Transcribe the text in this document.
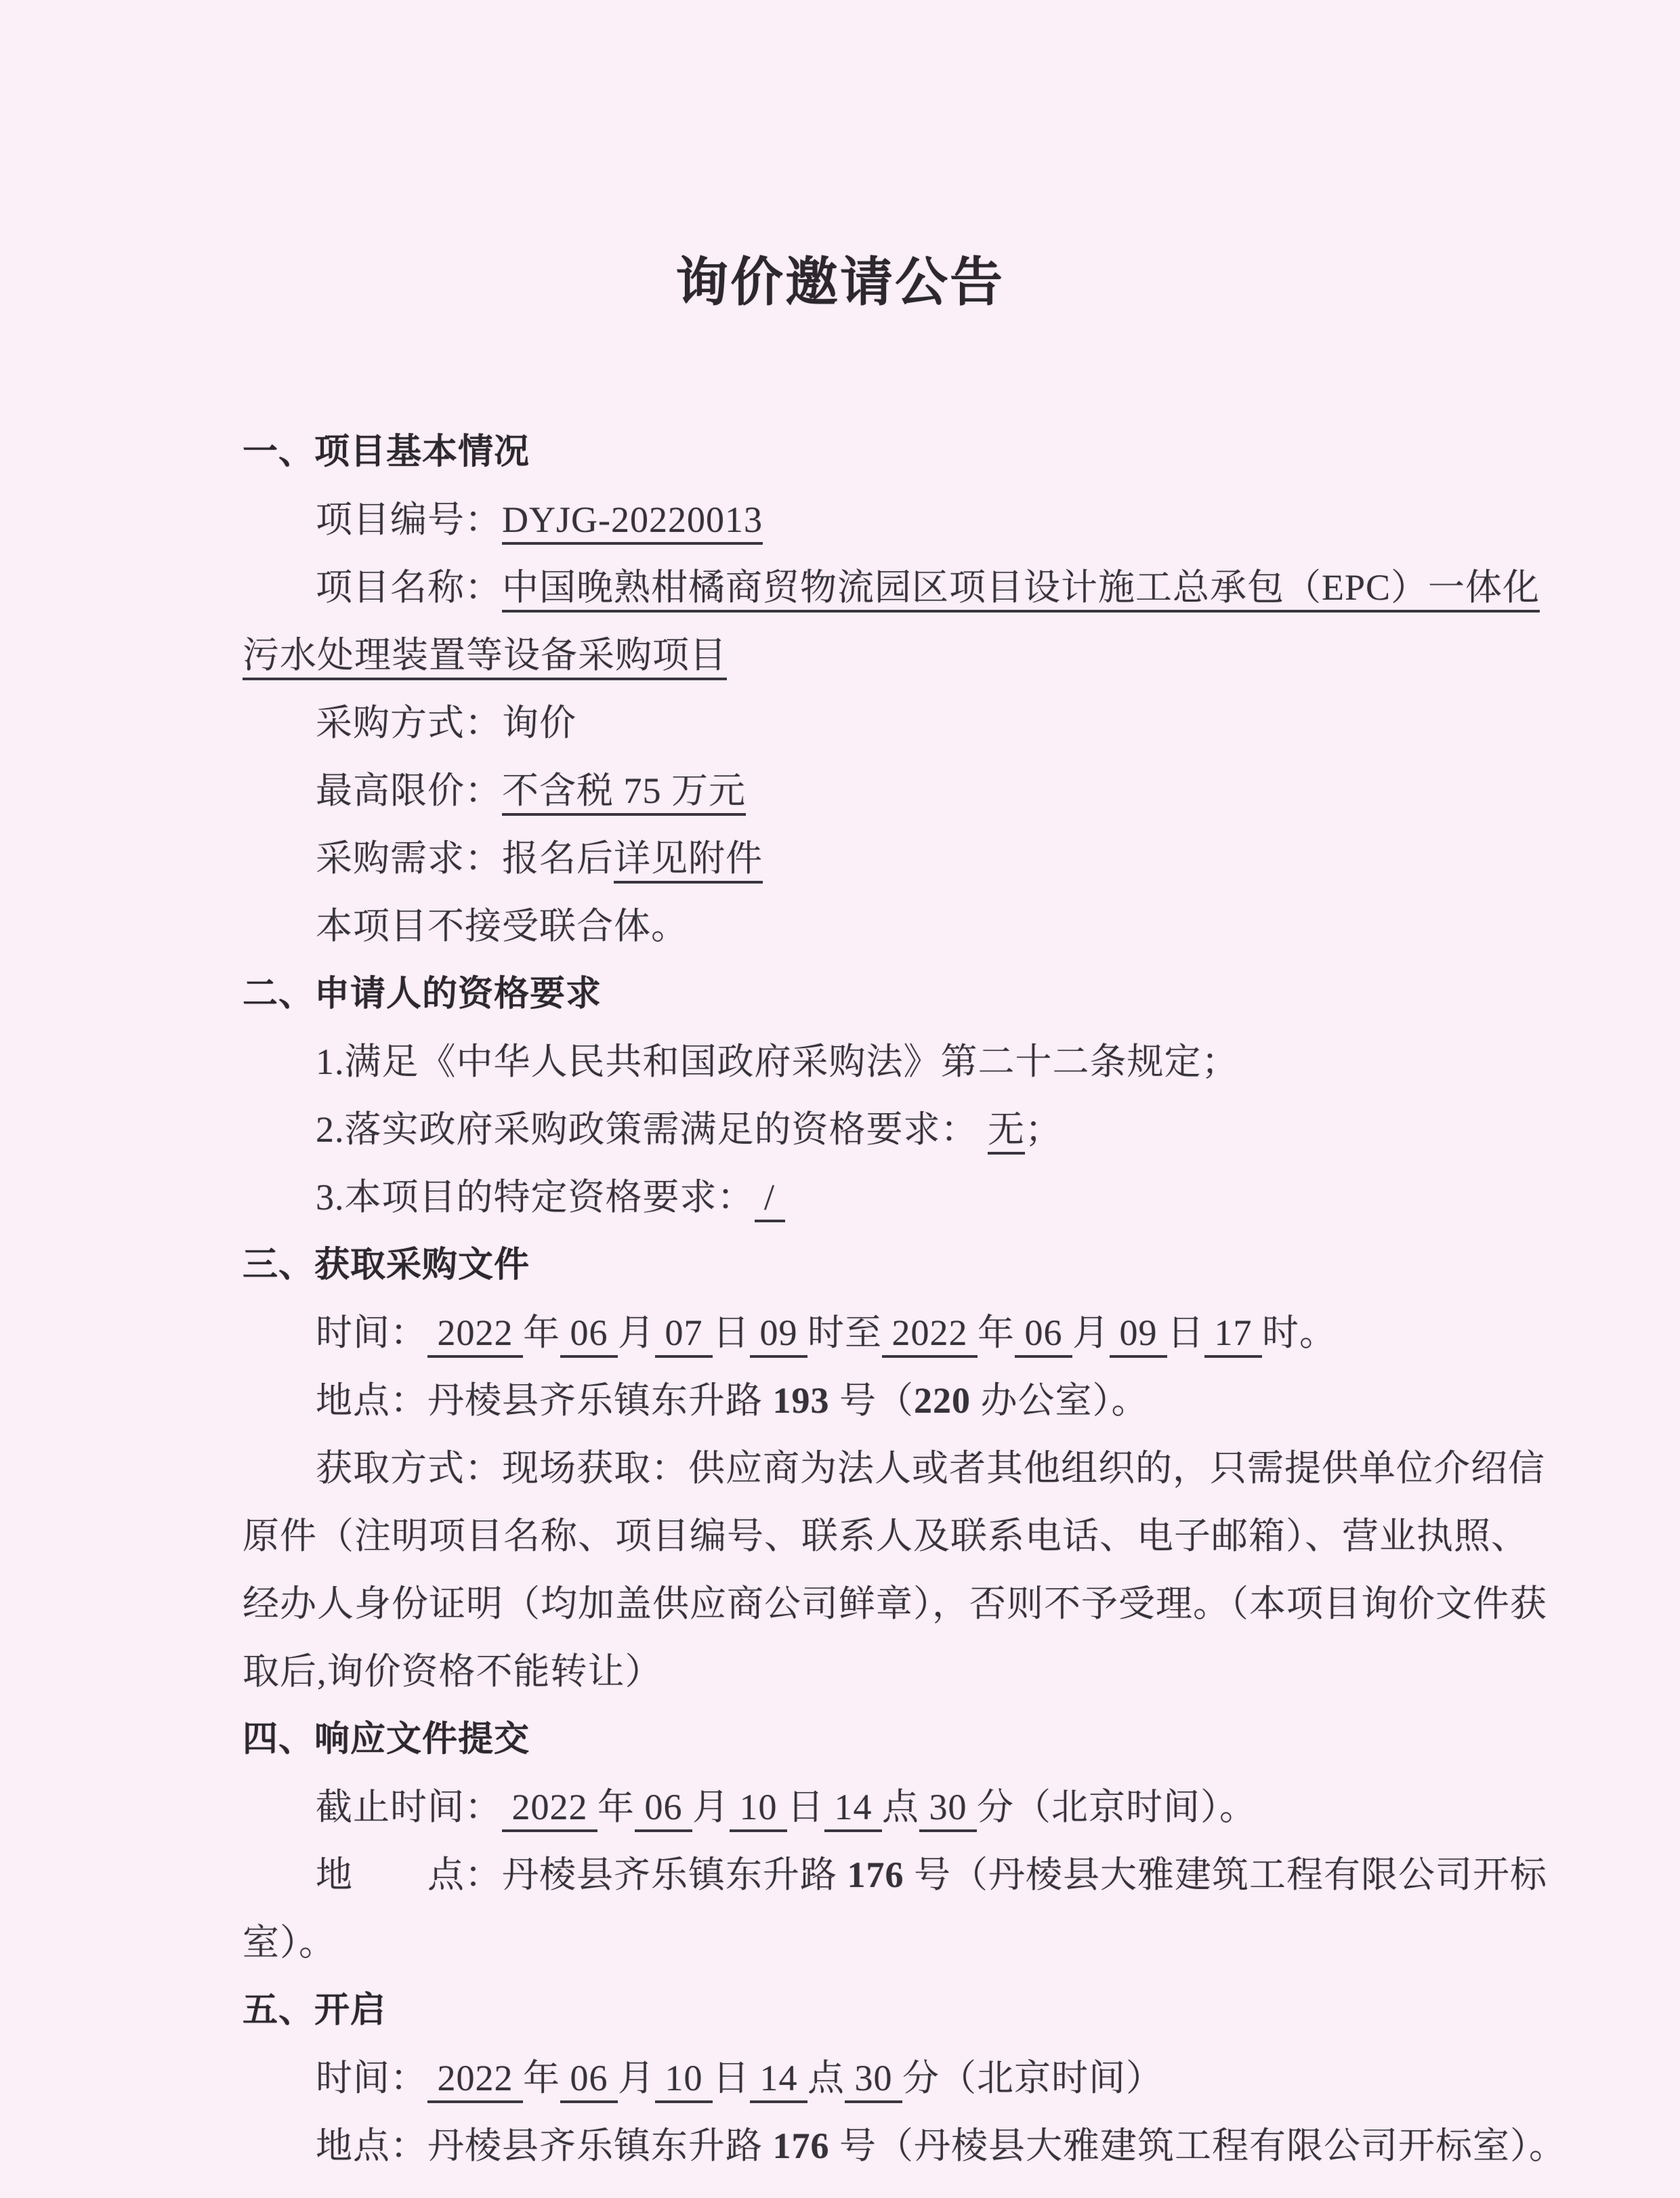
询价邀请公告
一、项目基本情况
项目编号：DYJG-20220013
项目名称：中国晚熟柑橘商贸物流园区项目设计施工总承包（EPC）一体化
污水处理装置等设备采购项目
采购方式：询价
最高限价：不含税 75 万元
采购需求：报名后详见附件
本项目不接受联合体。
二、申请人的资格要求
1.满足《中华人民共和国政府采购法》第二十二条规定；
2.落实政府采购政策需满足的资格要求： 无；
3.本项目的特定资格要求： /
三、获取采购文件
时间： 2022 年 06 月 07 日 09 时至 2022 年 06 月 09 日 17 时。
地点：丹棱县齐乐镇东升路 193 号（220 办公室）。
获取方式：现场获取：供应商为法人或者其他组织的，只需提供单位介绍信
原件（注明项目名称、项目编号、联系人及联系电话、电子邮箱）、营业执照、
经办人身份证明（均加盖供应商公司鲜章），否则不予受理。（本项目询价文件获
取后,询价资格不能转让）
四、响应文件提交
截止时间： 2022 年 06 月 10 日 14 点 30 分（北京时间）。
地　　点：丹棱县齐乐镇东升路 176 号（丹棱县大雅建筑工程有限公司开标
室）。
五、开启
时间： 2022 年 06 月 10 日 14 点 30 分（北京时间）
地点：丹棱县齐乐镇东升路 176 号（丹棱县大雅建筑工程有限公司开标室）。
